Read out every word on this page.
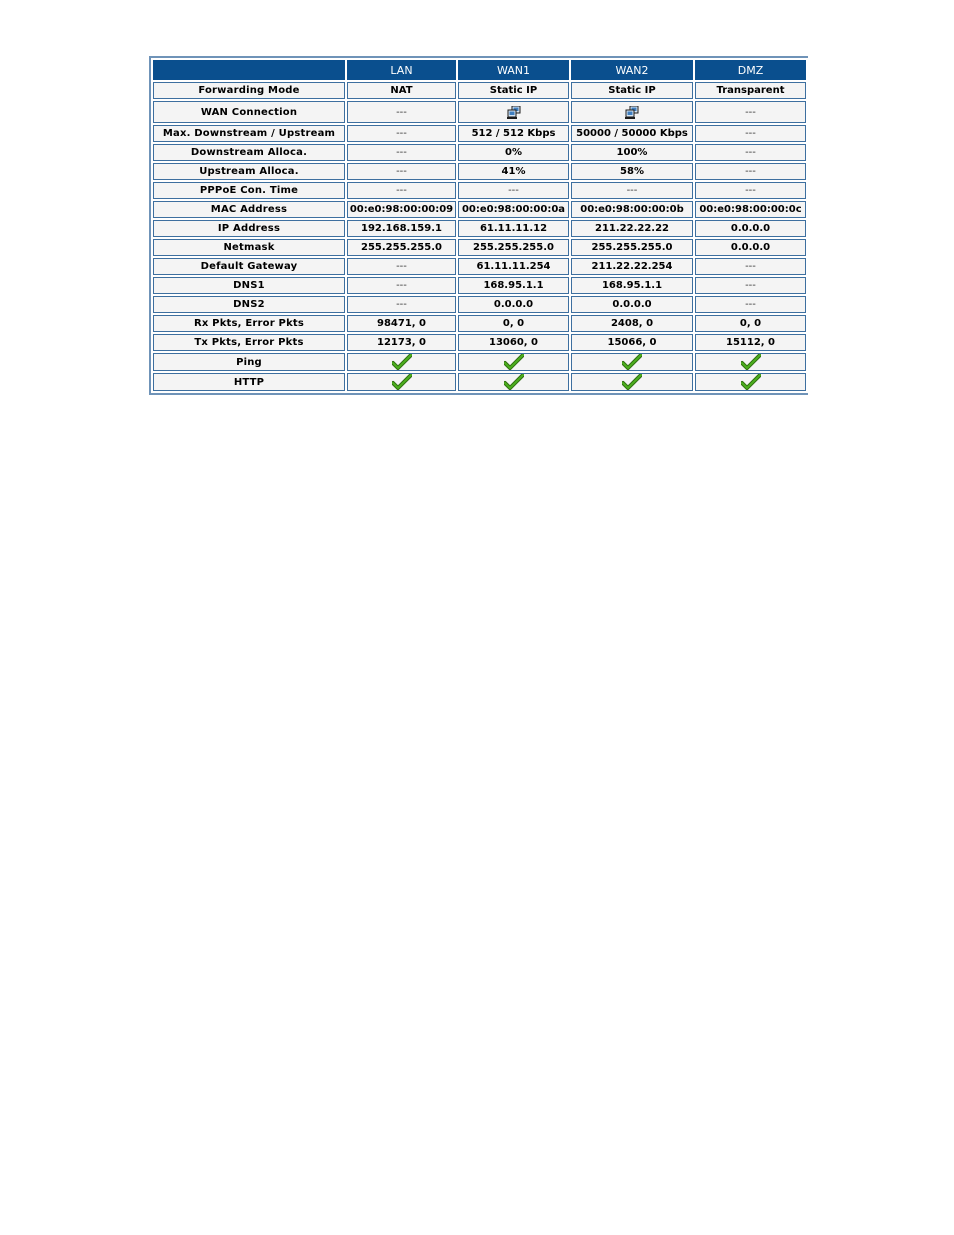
	LAN	WAN1	WAN2	DMZ
Forwarding Mode	NAT	Static IP	Static IP	Transparent
WAN Connection	---			---
Max. Downstream / Upstream	---	512 / 512 Kbps	50000 / 50000 Kbps	---
Downstream Alloca.	---	0%	100%	---
Upstream Alloca.	---	41%	58%	---
PPPoE Con. Time	---	---	---	---
MAC Address	00:e0:98:00:00:09	00:e0:98:00:00:0a	00:e0:98:00:00:0b	00:e0:98:00:00:0c
IP Address	192.168.159.1	61.11.11.12	211.22.22.22	0.0.0.0
Netmask	255.255.255.0	255.255.255.0	255.255.255.0	0.0.0.0
Default Gateway	---	61.11.11.254	211.22.22.254	---
DNS1	---	168.95.1.1	168.95.1.1	---
DNS2	---	0.0.0.0	0.0.0.0	---
Rx Pkts, Error Pkts	98471, 0	0, 0	2408, 0	0, 0
Tx Pkts, Error Pkts	12173, 0	13060, 0	15066, 0	15112, 0
Ping				
HTTP				
